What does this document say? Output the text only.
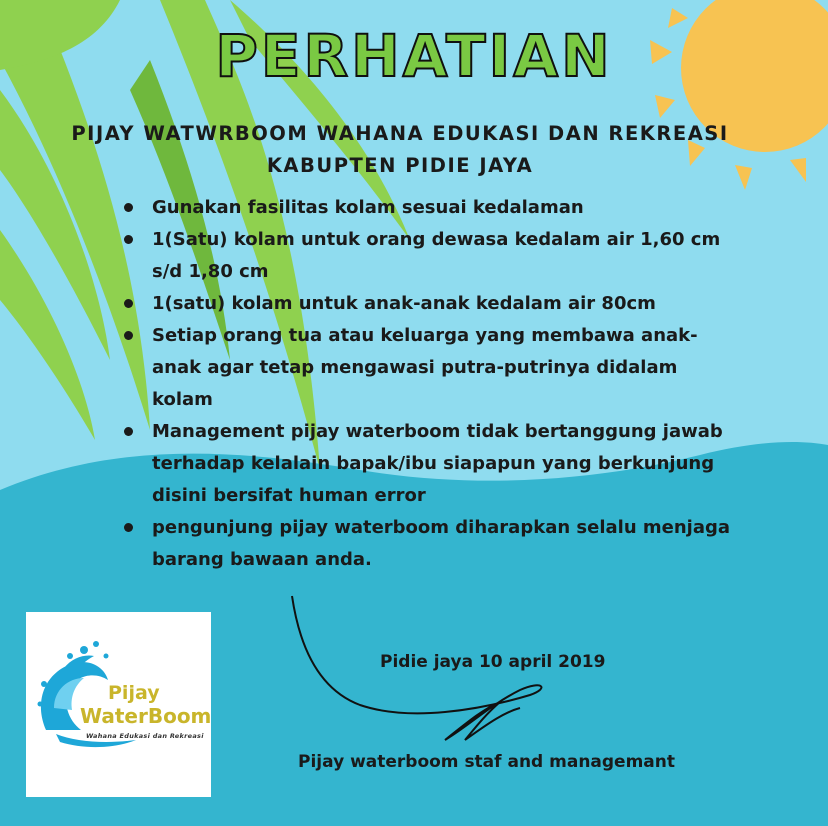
PERHATIAN
PIJAY WATWRBOOM WAHANA EDUKASI DAN REKREASI
KABUPTEN PIDIE JAYA
Gunakan fasilitas kolam sesuai kedalaman
1(Satu) kolam untuk orang dewasa kedalam air 1,60 cm s/d 1,80 cm
1(satu) kolam untuk anak-anak kedalam air 80cm
Setiap orang tua atau keluarga yang membawa anak-anak agar tetap mengawasi putra-putrinya didalam kolam
Management pijay waterboom tidak bertanggung jawab terhadap kelalain bapak/ibu siapapun yang berkunjung disini bersifat human error
pengunjung pijay waterboom diharapkan selalu menjaga barang bawaan anda.
Pidie jaya 10 april 2019
Pijay waterboom staf and managemant
Pijay
WaterBoom
Wahana Edukasi dan Rekreasi
